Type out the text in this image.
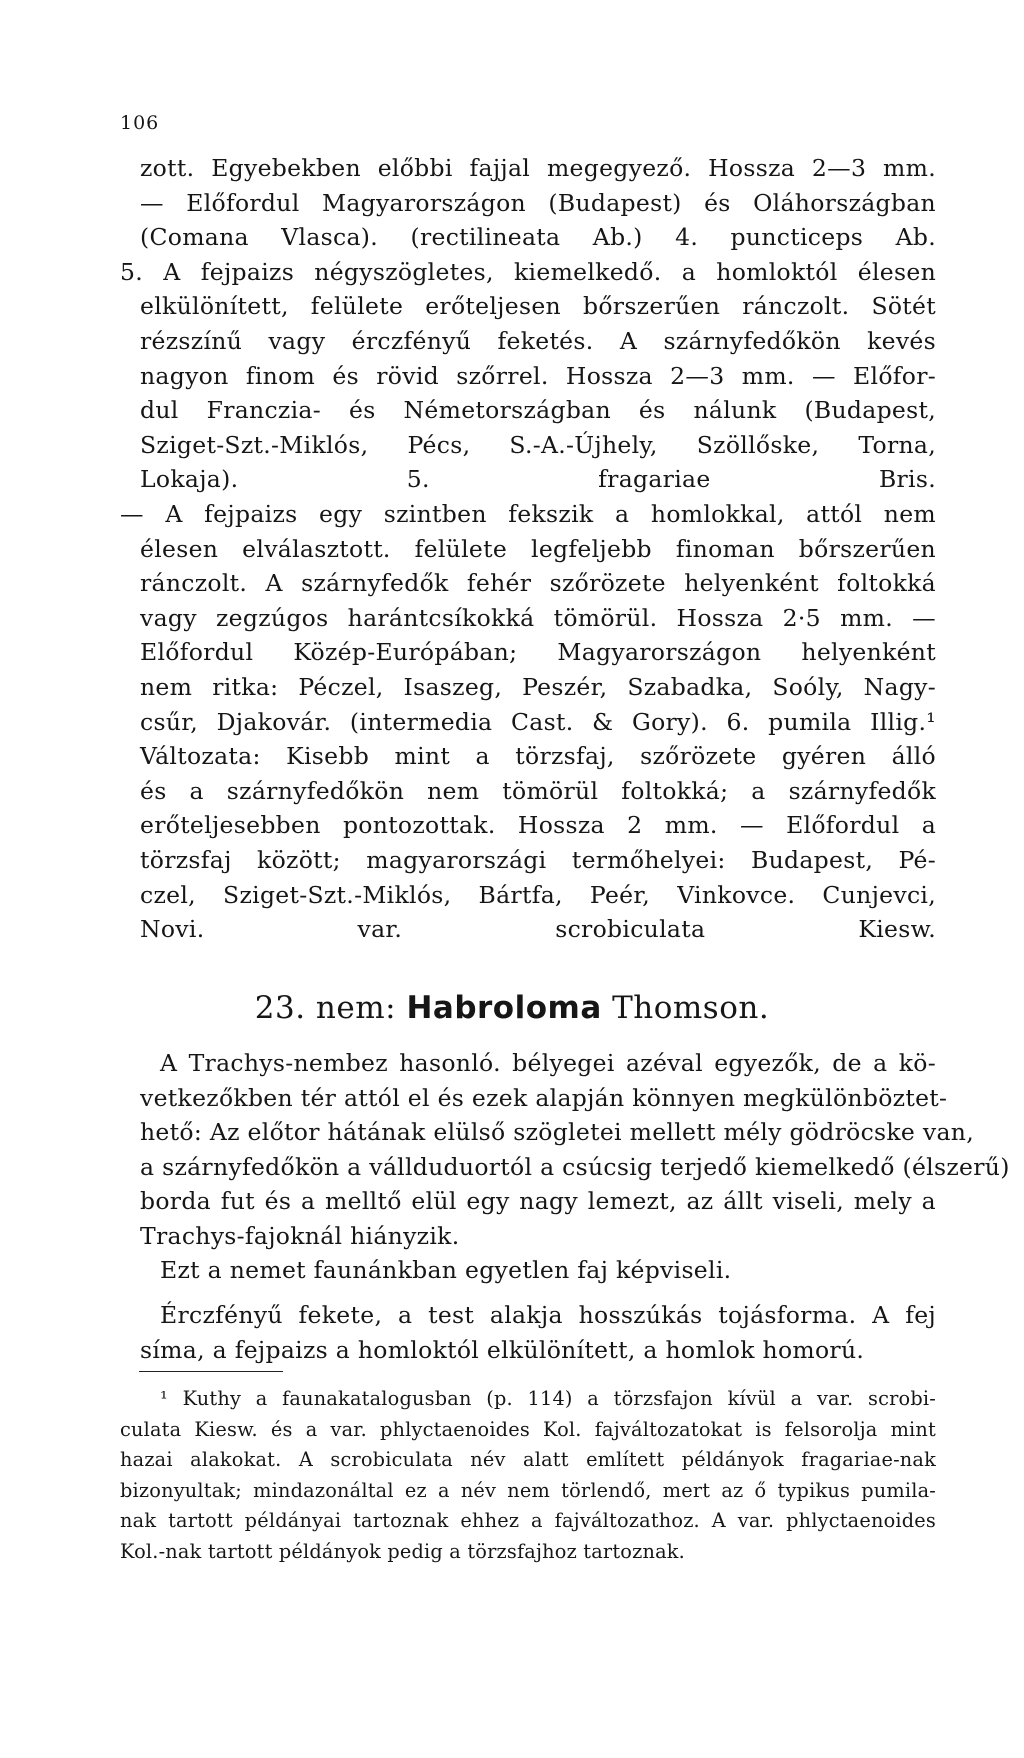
106
zott. Egyebekben előbbi fajjal megegyező. Hossza 2—3 mm.
— Előfordul Magyarországon (Budapest) és Oláhországban
(Comana Vlasca). (rectilineata Ab.) 4. puncticeps Ab.
5. A fejpaizs négyszögletes, kiemelkedő. a homloktól élesen
elkülönített, felülete erőteljesen bőrszerűen ránczolt. Sötét
rézszínű vagy érczfényű feketés. A szárnyfedőkön kevés
nagyon finom és rövid szőrrel. Hossza 2—3 mm. — Előfor-
dul Francziа- és Németországban és nálunk (Budapest,
Sziget-Szt.-Miklós, Pécs, S.-A.-Újhely, Szöllőske, Torna,
Lokaja). 5. fragariae Bris.
— A fejpaizs egy szintben fekszik a homlokkal, attól nem
élesen elválasztott. felülete legfeljebb finoman bőrszerűen
ránczolt. A szárnyfedők fehér szőrözete helyenként foltokká
vagy zegzúgos harántcsíkokká tömörül. Hossza 2·5 mm. —
Előfordul Közép-Európában; Magyarországon helyenként
nem ritka: Péczel, Isaszeg, Peszér, Szabadka, Soóly, Nagy-
csűr, Djakovár. (intermedia Cast. & Gory). 6. pumila Illig.¹
Változata: Kisebb mint a törzsfaj, szőrözete gyéren álló
és a szárnyfedőkön nem tömörül foltokká; a szárnyfedők
erőteljesebben pontozottak. Hossza 2 mm. — Előfordul a
törzsfaj között; magyarországi termőhelyei: Budapest, Pé-
czel, Sziget-Szt.-Miklós, Bártfa, Peér, Vinkovce. Cunjevci,
Novi. var. scrobiculata Kiesw.
23. nem: Habroloma Thomson.
A Trachys-nembez hasonló. bélyegei azéval egyezők, de a kö-
vetkezőkben tér attól el és ezek alapján könnyen megkülönböztet-
hető: Az előtor hátának elülső szögletei mellett mély gödröcske van,
a szárnyfedőkön a vállduduortól a csúcsig terjedő kiemelkedő (élszerű)
borda fut és a melltő elül egy nagy lemezt, az állt viseli, mely a
Trachys-fajoknál hiányzik.
Ezt a nemet faunánkban egyetlen faj képviseli.
Érczfényű fekete, a test alakja hosszúkás tojásforma. A fej
síma, a fejpaizs a homloktól elkülönített, a homlok homorú.
¹ Kuthy a faunakatalogusban (p. 114) a törzsfajon kívül a var. scrobi-
culata Kiesw. és a var. phlyctaenoides Kol. fajváltozatokat is felsorolja mint
hazai alakokat. A scrobiculata név alatt említett példányok fragariae-nak
bizonyultak; mindazonáltal ez a név nem törlendő, mert az ő typikus pumila-
nak tartott példányai tartoznak ehhez a fajváltozathoz. A var. phlyctaenoides
Kol.-nak tartott példányok pedig a törzsfajhoz tartoznak.
